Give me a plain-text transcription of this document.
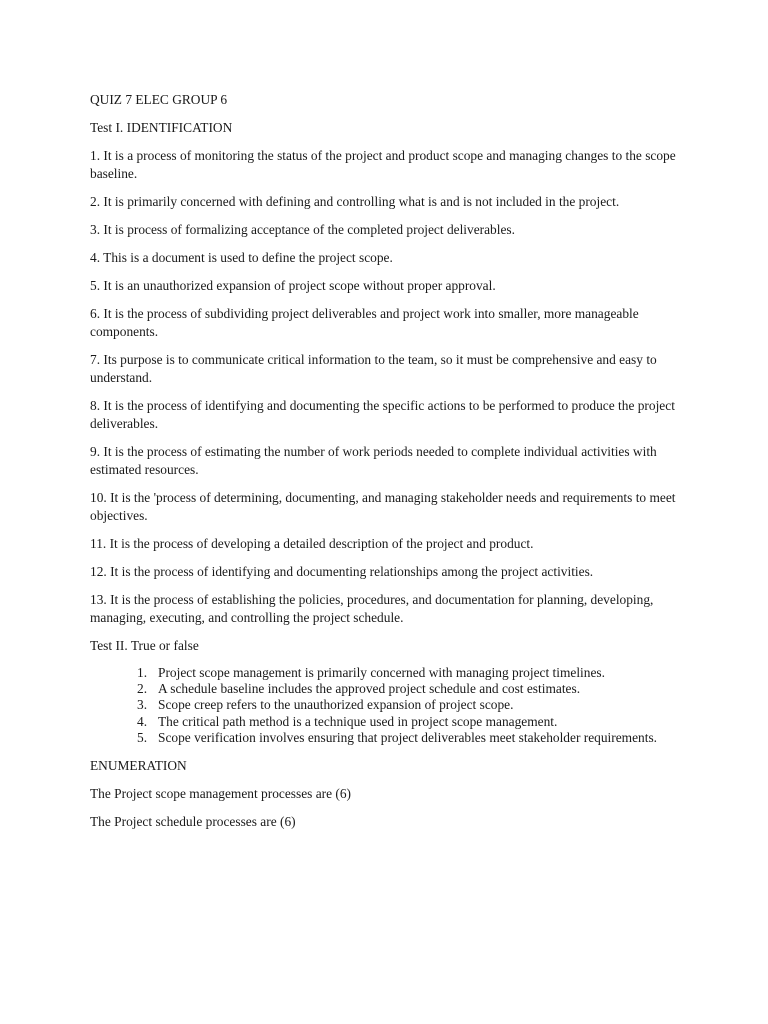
QUIZ 7 ELEC GROUP 6

Test I. IDENTIFICATION

1. It is a process of monitoring the status of the project and product scope and managing changes to the scope baseline.

2. It is primarily concerned with defining and controlling what is and is not included in the project.

3. It is process of formalizing acceptance of the completed project deliverables.

4. This is a document is used to define the project scope.

5. It is an unauthorized expansion of project scope without proper approval.

6. It is the process of subdividing project deliverables and project work into smaller, more manageable components.

7. Its purpose is to communicate critical information to the team, so it must be comprehensive and easy to understand.

8. It is the process of identifying and documenting the specific actions to be performed to produce the project deliverables.

9. It is the process of estimating the number of work periods needed to complete individual activities with estimated resources.

10. It is the 'process of determining, documenting, and managing stakeholder needs and requirements to meet objectives.

11. It is the process of developing a detailed description of the project and product.

12. It is the process of identifying and documenting relationships among the project activities.

13. It is the process of establishing the policies, procedures, and documentation for planning, developing, managing, executing, and controlling the project schedule.

Test II. True or false

1. Project scope management is primarily concerned with managing project timelines.
2. A schedule baseline includes the approved project schedule and cost estimates.
3. Scope creep refers to the unauthorized expansion of project scope.
4. The critical path method is a technique used in project scope management.
5. Scope verification involves ensuring that project deliverables meet stakeholder requirements.

ENUMERATION

The Project scope management processes are (6)

The Project schedule processes are (6)
